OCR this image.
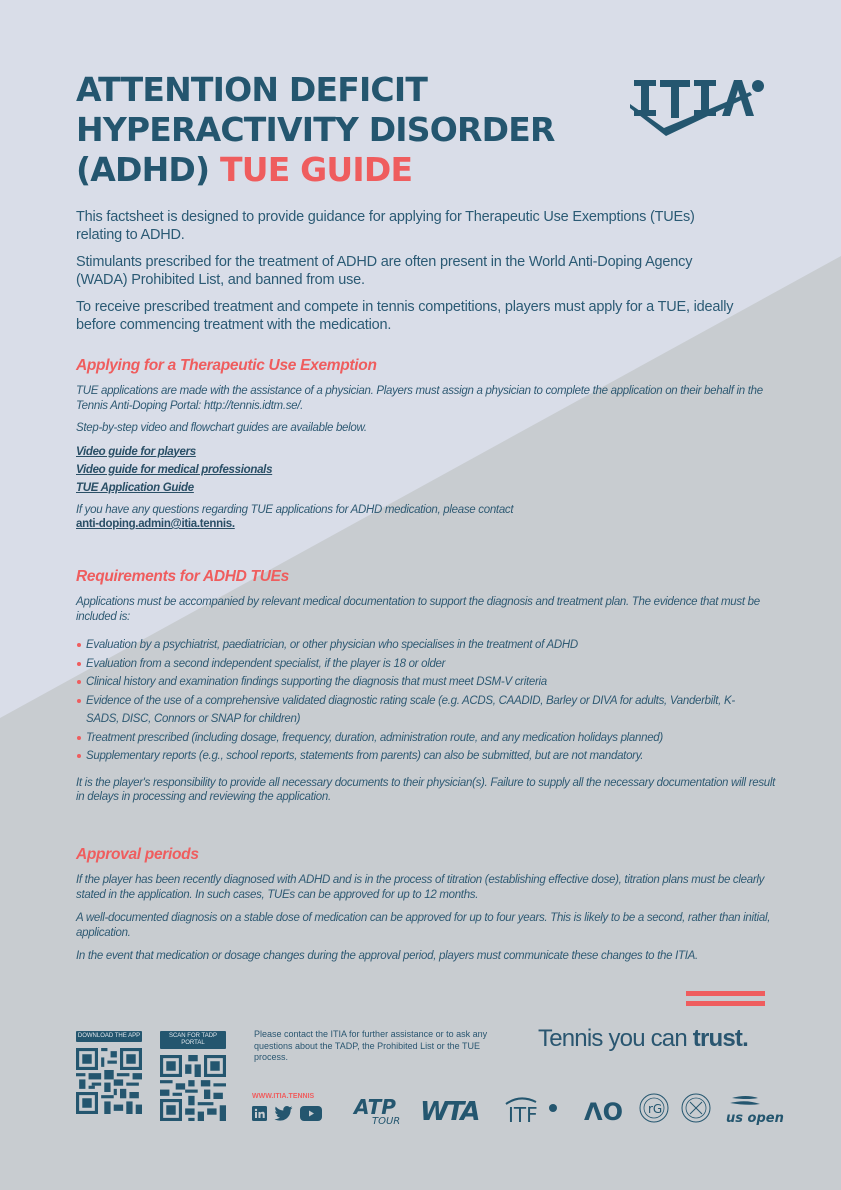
ATTENTION DEFICIT
HYPERACTIVITY DISORDER
(ADHD) TUE GUIDE

This factsheet is designed to provide guidance for applying for Therapeutic Use Exemptions (TUEs) relating to ADHD.

Stimulants prescribed for the treatment of ADHD are often present in the World Anti-Doping Agency (WADA) Prohibited List, and banned from use.

To receive prescribed treatment and compete in tennis competitions, players must apply for a TUE, ideally before commencing treatment with the medication.

Applying for a Therapeutic Use Exemption

TUE applications are made with the assistance of a physician. Players must assign a physician to complete the application on their behalf in the Tennis Anti-Doping Portal: http://tennis.idtm.se/.

Step-by-step video and flowchart guides are available below.

Video guide for players
Video guide for medical professionals
TUE Application Guide

If you have any questions regarding TUE applications for ADHD medication, please contact
anti-doping.admin@itia.tennis.

Requirements for ADHD TUEs

Applications must be accompanied by relevant medical documentation to support the diagnosis and treatment plan. The evidence that must be included is:

Evaluation by a psychiatrist, paediatrician, or other physician who specialises in the treatment of ADHD
Evaluation from a second independent specialist, if the player is 18 or older
Clinical history and examination findings supporting the diagnosis that must meet DSM-V criteria
Evidence of the use of a comprehensive validated diagnostic rating scale (e.g. ACDS, CAADID, Barley or DIVA for adults, Vanderbilt, K-SADS, DISC, Connors or SNAP for children)
Treatment prescribed (including dosage, frequency, duration, administration route, and any medication holidays planned)
Supplementary reports (e.g., school reports, statements from parents) can also be submitted, but are not mandatory.

It is the player's responsibility to provide all necessary documents to their physician(s). Failure to supply all the necessary documentation will result in delays in processing and reviewing the application.

Approval periods

If the player has been recently diagnosed with ADHD and is in the process of titration (establishing effective dose), titration plans must be clearly stated in the application. In such cases, TUEs can be approved for up to 12 months.

A well-documented diagnosis on a stable dose of medication can be approved for up to four years. This is likely to be a second, rather than initial, application.

In the event that medication or dosage changes during the approval period, players must communicate these changes to the ITIA.

Tennis you can trust.
DOWNLOAD THE APP	SCAN FOR TADP PORTAL

Please contact the ITIA for further assistance or to ask any questions about the TADP, the Prohibited List or the TUE process.

WWW.ITIA.TENNIS ATP
TOUR WTA ITF ΛO rG
us open
